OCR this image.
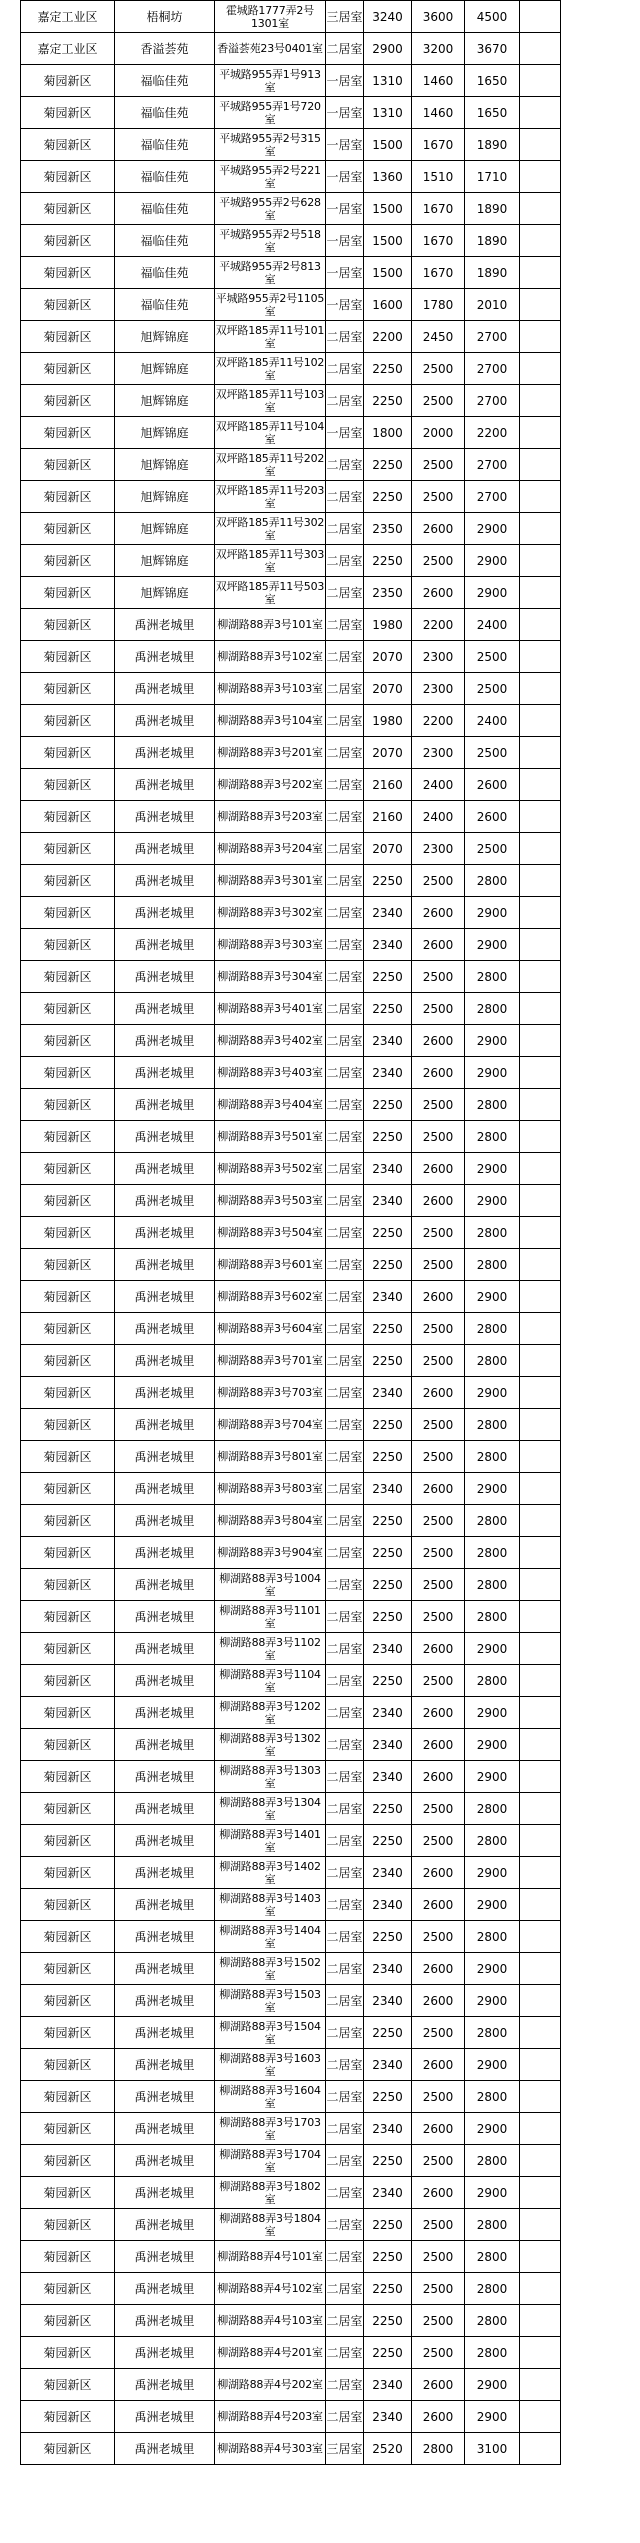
嘉定工业区	梧桐坊	霍城路1777弄2号1301室	三居室	3240	3600	4500	
嘉定工业区	香溢荟苑	香溢荟苑23号0401室	二居室	2900	3200	3670	
菊园新区	福临佳苑	平城路955弄1号913室	一居室	1310	1460	1650	
菊园新区	福临佳苑	平城路955弄1号720室	一居室	1310	1460	1650	
菊园新区	福临佳苑	平城路955弄2号315室	一居室	1500	1670	1890	
菊园新区	福临佳苑	平城路955弄2号221室	一居室	1360	1510	1710	
菊园新区	福临佳苑	平城路955弄2号628室	一居室	1500	1670	1890	
菊园新区	福临佳苑	平城路955弄2号518室	一居室	1500	1670	1890	
菊园新区	福临佳苑	平城路955弄2号813室	一居室	1500	1670	1890	
菊园新区	福临佳苑	平城路955弄2号1105室	一居室	1600	1780	2010	
菊园新区	旭辉锦庭	双坪路185弄11号101室	二居室	2200	2450	2700	
菊园新区	旭辉锦庭	双坪路185弄11号102室	二居室	2250	2500	2700	
菊园新区	旭辉锦庭	双坪路185弄11号103室	二居室	2250	2500	2700	
菊园新区	旭辉锦庭	双坪路185弄11号104室	一居室	1800	2000	2200	
菊园新区	旭辉锦庭	双坪路185弄11号202室	二居室	2250	2500	2700	
菊园新区	旭辉锦庭	双坪路185弄11号203室	二居室	2250	2500	2700	
菊园新区	旭辉锦庭	双坪路185弄11号302室	二居室	2350	2600	2900	
菊园新区	旭辉锦庭	双坪路185弄11号303室	二居室	2250	2500	2900	
菊园新区	旭辉锦庭	双坪路185弄11号503室	二居室	2350	2600	2900	
菊园新区	禹洲老城里	柳湖路88弄3号101室	二居室	1980	2200	2400	
菊园新区	禹洲老城里	柳湖路88弄3号102室	二居室	2070	2300	2500	
菊园新区	禹洲老城里	柳湖路88弄3号103室	二居室	2070	2300	2500	
菊园新区	禹洲老城里	柳湖路88弄3号104室	二居室	1980	2200	2400	
菊园新区	禹洲老城里	柳湖路88弄3号201室	二居室	2070	2300	2500	
菊园新区	禹洲老城里	柳湖路88弄3号202室	二居室	2160	2400	2600	
菊园新区	禹洲老城里	柳湖路88弄3号203室	二居室	2160	2400	2600	
菊园新区	禹洲老城里	柳湖路88弄3号204室	二居室	2070	2300	2500	
菊园新区	禹洲老城里	柳湖路88弄3号301室	二居室	2250	2500	2800	
菊园新区	禹洲老城里	柳湖路88弄3号302室	二居室	2340	2600	2900	
菊园新区	禹洲老城里	柳湖路88弄3号303室	二居室	2340	2600	2900	
菊园新区	禹洲老城里	柳湖路88弄3号304室	二居室	2250	2500	2800	
菊园新区	禹洲老城里	柳湖路88弄3号401室	二居室	2250	2500	2800	
菊园新区	禹洲老城里	柳湖路88弄3号402室	二居室	2340	2600	2900	
菊园新区	禹洲老城里	柳湖路88弄3号403室	二居室	2340	2600	2900	
菊园新区	禹洲老城里	柳湖路88弄3号404室	二居室	2250	2500	2800	
菊园新区	禹洲老城里	柳湖路88弄3号501室	二居室	2250	2500	2800	
菊园新区	禹洲老城里	柳湖路88弄3号502室	二居室	2340	2600	2900	
菊园新区	禹洲老城里	柳湖路88弄3号503室	二居室	2340	2600	2900	
菊园新区	禹洲老城里	柳湖路88弄3号504室	二居室	2250	2500	2800	
菊园新区	禹洲老城里	柳湖路88弄3号601室	二居室	2250	2500	2800	
菊园新区	禹洲老城里	柳湖路88弄3号602室	二居室	2340	2600	2900	
菊园新区	禹洲老城里	柳湖路88弄3号604室	二居室	2250	2500	2800	
菊园新区	禹洲老城里	柳湖路88弄3号701室	二居室	2250	2500	2800	
菊园新区	禹洲老城里	柳湖路88弄3号703室	二居室	2340	2600	2900	
菊园新区	禹洲老城里	柳湖路88弄3号704室	二居室	2250	2500	2800	
菊园新区	禹洲老城里	柳湖路88弄3号801室	二居室	2250	2500	2800	
菊园新区	禹洲老城里	柳湖路88弄3号803室	二居室	2340	2600	2900	
菊园新区	禹洲老城里	柳湖路88弄3号804室	二居室	2250	2500	2800	
菊园新区	禹洲老城里	柳湖路88弄3号904室	二居室	2250	2500	2800	
菊园新区	禹洲老城里	柳湖路88弄3号1004室	二居室	2250	2500	2800	
菊园新区	禹洲老城里	柳湖路88弄3号1101室	二居室	2250	2500	2800	
菊园新区	禹洲老城里	柳湖路88弄3号1102室	二居室	2340	2600	2900	
菊园新区	禹洲老城里	柳湖路88弄3号1104室	二居室	2250	2500	2800	
菊园新区	禹洲老城里	柳湖路88弄3号1202室	二居室	2340	2600	2900	
菊园新区	禹洲老城里	柳湖路88弄3号1302室	二居室	2340	2600	2900	
菊园新区	禹洲老城里	柳湖路88弄3号1303室	二居室	2340	2600	2900	
菊园新区	禹洲老城里	柳湖路88弄3号1304室	二居室	2250	2500	2800	
菊园新区	禹洲老城里	柳湖路88弄3号1401室	二居室	2250	2500	2800	
菊园新区	禹洲老城里	柳湖路88弄3号1402室	二居室	2340	2600	2900	
菊园新区	禹洲老城里	柳湖路88弄3号1403室	二居室	2340	2600	2900	
菊园新区	禹洲老城里	柳湖路88弄3号1404室	二居室	2250	2500	2800	
菊园新区	禹洲老城里	柳湖路88弄3号1502室	二居室	2340	2600	2900	
菊园新区	禹洲老城里	柳湖路88弄3号1503室	二居室	2340	2600	2900	
菊园新区	禹洲老城里	柳湖路88弄3号1504室	二居室	2250	2500	2800	
菊园新区	禹洲老城里	柳湖路88弄3号1603室	二居室	2340	2600	2900	
菊园新区	禹洲老城里	柳湖路88弄3号1604室	二居室	2250	2500	2800	
菊园新区	禹洲老城里	柳湖路88弄3号1703室	二居室	2340	2600	2900	
菊园新区	禹洲老城里	柳湖路88弄3号1704室	二居室	2250	2500	2800	
菊园新区	禹洲老城里	柳湖路88弄3号1802室	二居室	2340	2600	2900	
菊园新区	禹洲老城里	柳湖路88弄3号1804室	二居室	2250	2500	2800	
菊园新区	禹洲老城里	柳湖路88弄4号101室	二居室	2250	2500	2800	
菊园新区	禹洲老城里	柳湖路88弄4号102室	二居室	2250	2500	2800	
菊园新区	禹洲老城里	柳湖路88弄4号103室	二居室	2250	2500	2800	
菊园新区	禹洲老城里	柳湖路88弄4号201室	二居室	2250	2500	2800	
菊园新区	禹洲老城里	柳湖路88弄4号202室	二居室	2340	2600	2900	
菊园新区	禹洲老城里	柳湖路88弄4号203室	二居室	2340	2600	2900	
菊园新区	禹洲老城里	柳湖路88弄4号303室	三居室	2520	2800	3100	
